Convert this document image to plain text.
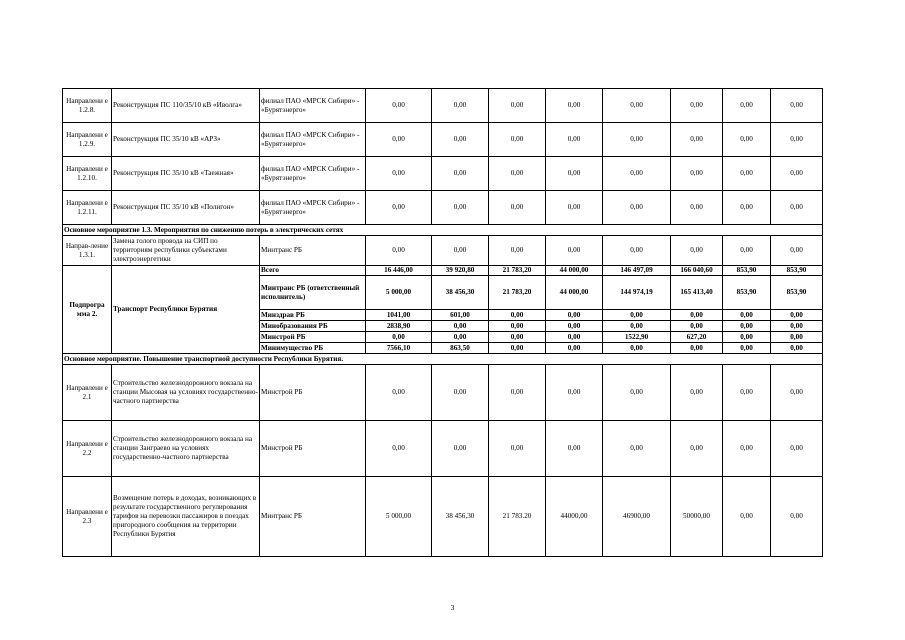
Направлени е 1.2.8.	Реконструкция ПС 110/35/10 кВ «Иволга»	филиал ПАО «МРСК Сибири» - «Бурятэнерго»	0,00	0,00	0,00	0,00	0,00	0,00	0,00	0,00
Направлени е 1.2.9.	Реконструкция ПС 35/10 кВ «АРЗ»	филиал ПАО «МРСК Сибири» - «Бурятэнерго»	0,00	0,00	0,00	0,00	0,00	0,00	0,00	0,00
Направлени е 1.2.10.	Реконструкция ПС 35/10 кВ «Таежная»	филиал ПАО «МРСК Сибири» - «Бурятэнерго»	0,00	0,00	0,00	0,00	0,00	0,00	0,00	0,00
Направлени е 1.2.11.	Реконструкция ПС 35/10 кВ «Полигон»	филиал ПАО «МРСК Сибири» - «Бурятэнерго»	0,00	0,00	0,00	0,00	0,00	0,00	0,00	0,00
Основное мероприятие 1.3. Мероприятия по снижению потерь в электрических сетях										
Направ-ление 1.3.1.	Замена голого провода на СИП по территориям республики субъектами электроэнергетики	Минтранс РБ	0,00	0,00	0,00	0,00	0,00	0,00	0,00	0,00
Подпрогра мма 2.	Транспорт Республики Бурятия	Всего	16 446,00	39 920,80	21 783,20	44 000,00	146 497,09	166 040,60	853,90	853,90
		Минтранс РБ (ответственный исполнитель)	5 000,00	38 456,30	21 783,20	44 000,00	144 974,19	165 413,40	853,90	853,90
		Минздрав РБ	1041,00	601,00	0,00	0,00	0,00	0,00	0,00	0,00
		Минобразования РБ	2838,90	0,00	0,00	0,00	0,00	0,00	0,00	0,00
		Минстрой РБ	0,00	0,00	0,00	0,00	1522,90	627,20	0,00	0,00
		Минимущество РБ	7566,10	863,50	0,00	0,00	0,00	0,00	0,00	0,00
Основное мероприятие. Повышение транспортной доступности Республики Бурятия.										
Направлени е 2.1	Строительство железнодорожного вокзала на станции Мысовая на условиях государственно-частного партнерства	Минстрой РБ	0,00	0,00	0,00	0,00	0,00	0,00	0,00	0,00
Направлени е 2.2	Строительство железнодорожного вокзала на станции Заиграево на условиях государственно-частного партнерства	Минстрой РБ	0,00	0,00	0,00	0,00	0,00	0,00	0,00	0,00
Направлени е 2.3	Возмещение потерь в доходах, возникающих в результате государственного регулирования тарифов на перевозки пассажиров в поездах пригородного сообщения на территории Республики Бурятия	Минтранс РБ	5 000,00	38 456,30	21 783.20	44000,00	46900,00	50000,00	0,00	0,00
3
